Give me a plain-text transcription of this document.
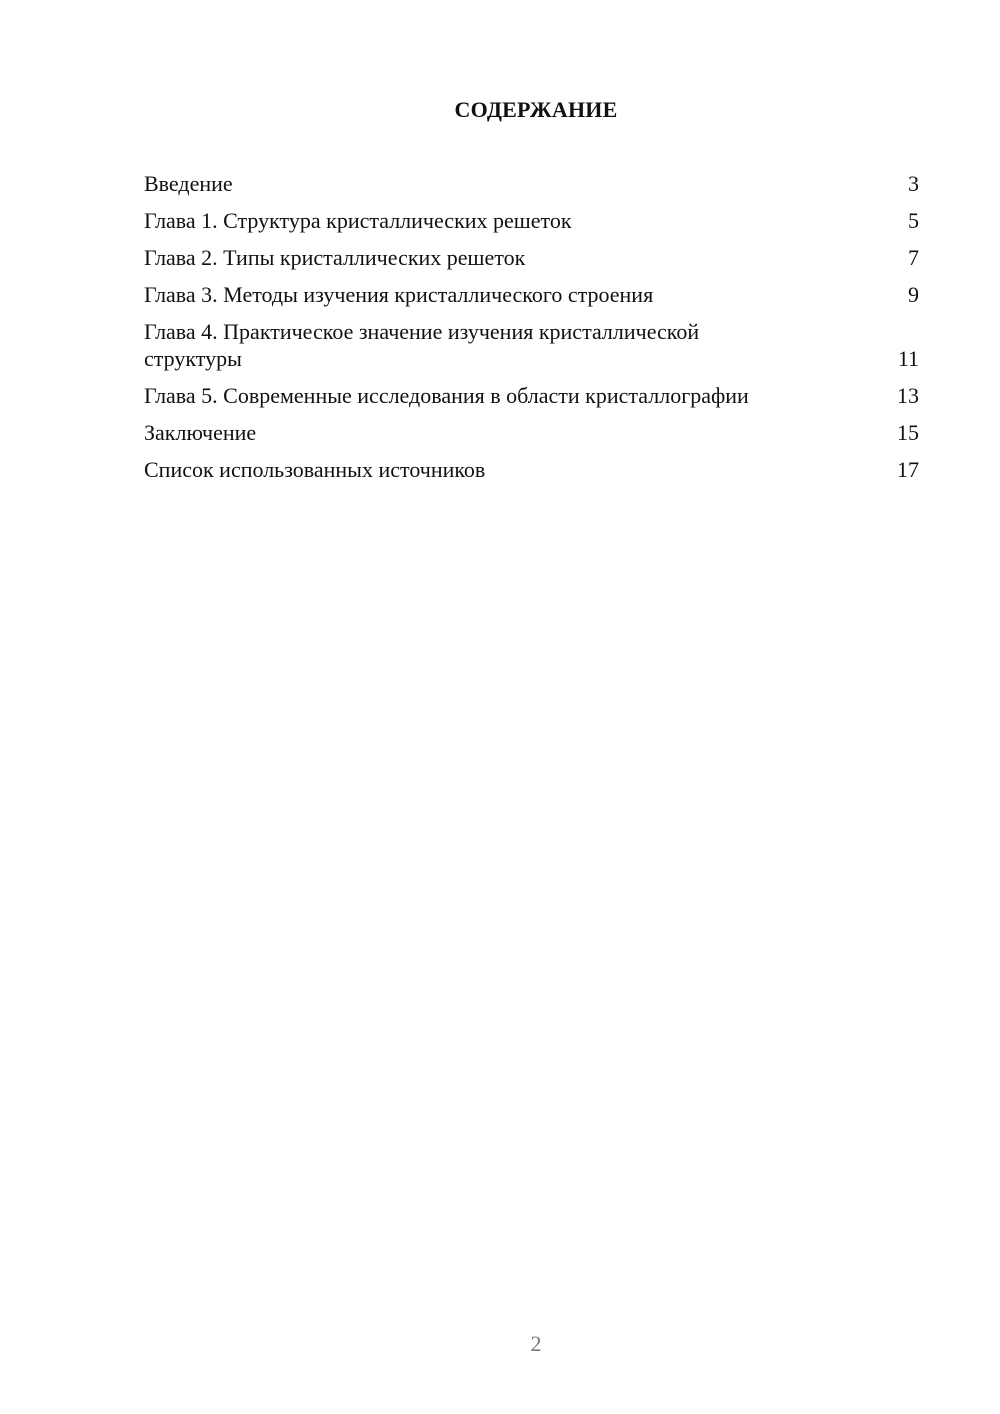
СОДЕРЖАНИЕ
Введение	3
Глава 1. Структура кристаллических решеток	5
Глава 2. Типы кристаллических решеток	7
Глава 3. Методы изучения кристаллического строения	9
Глава 4. Практическое значение изучения кристаллической структуры	11
Глава 5. Современные исследования в области кристаллографии	13
Заключение	15
Список использованных источников	17
2
